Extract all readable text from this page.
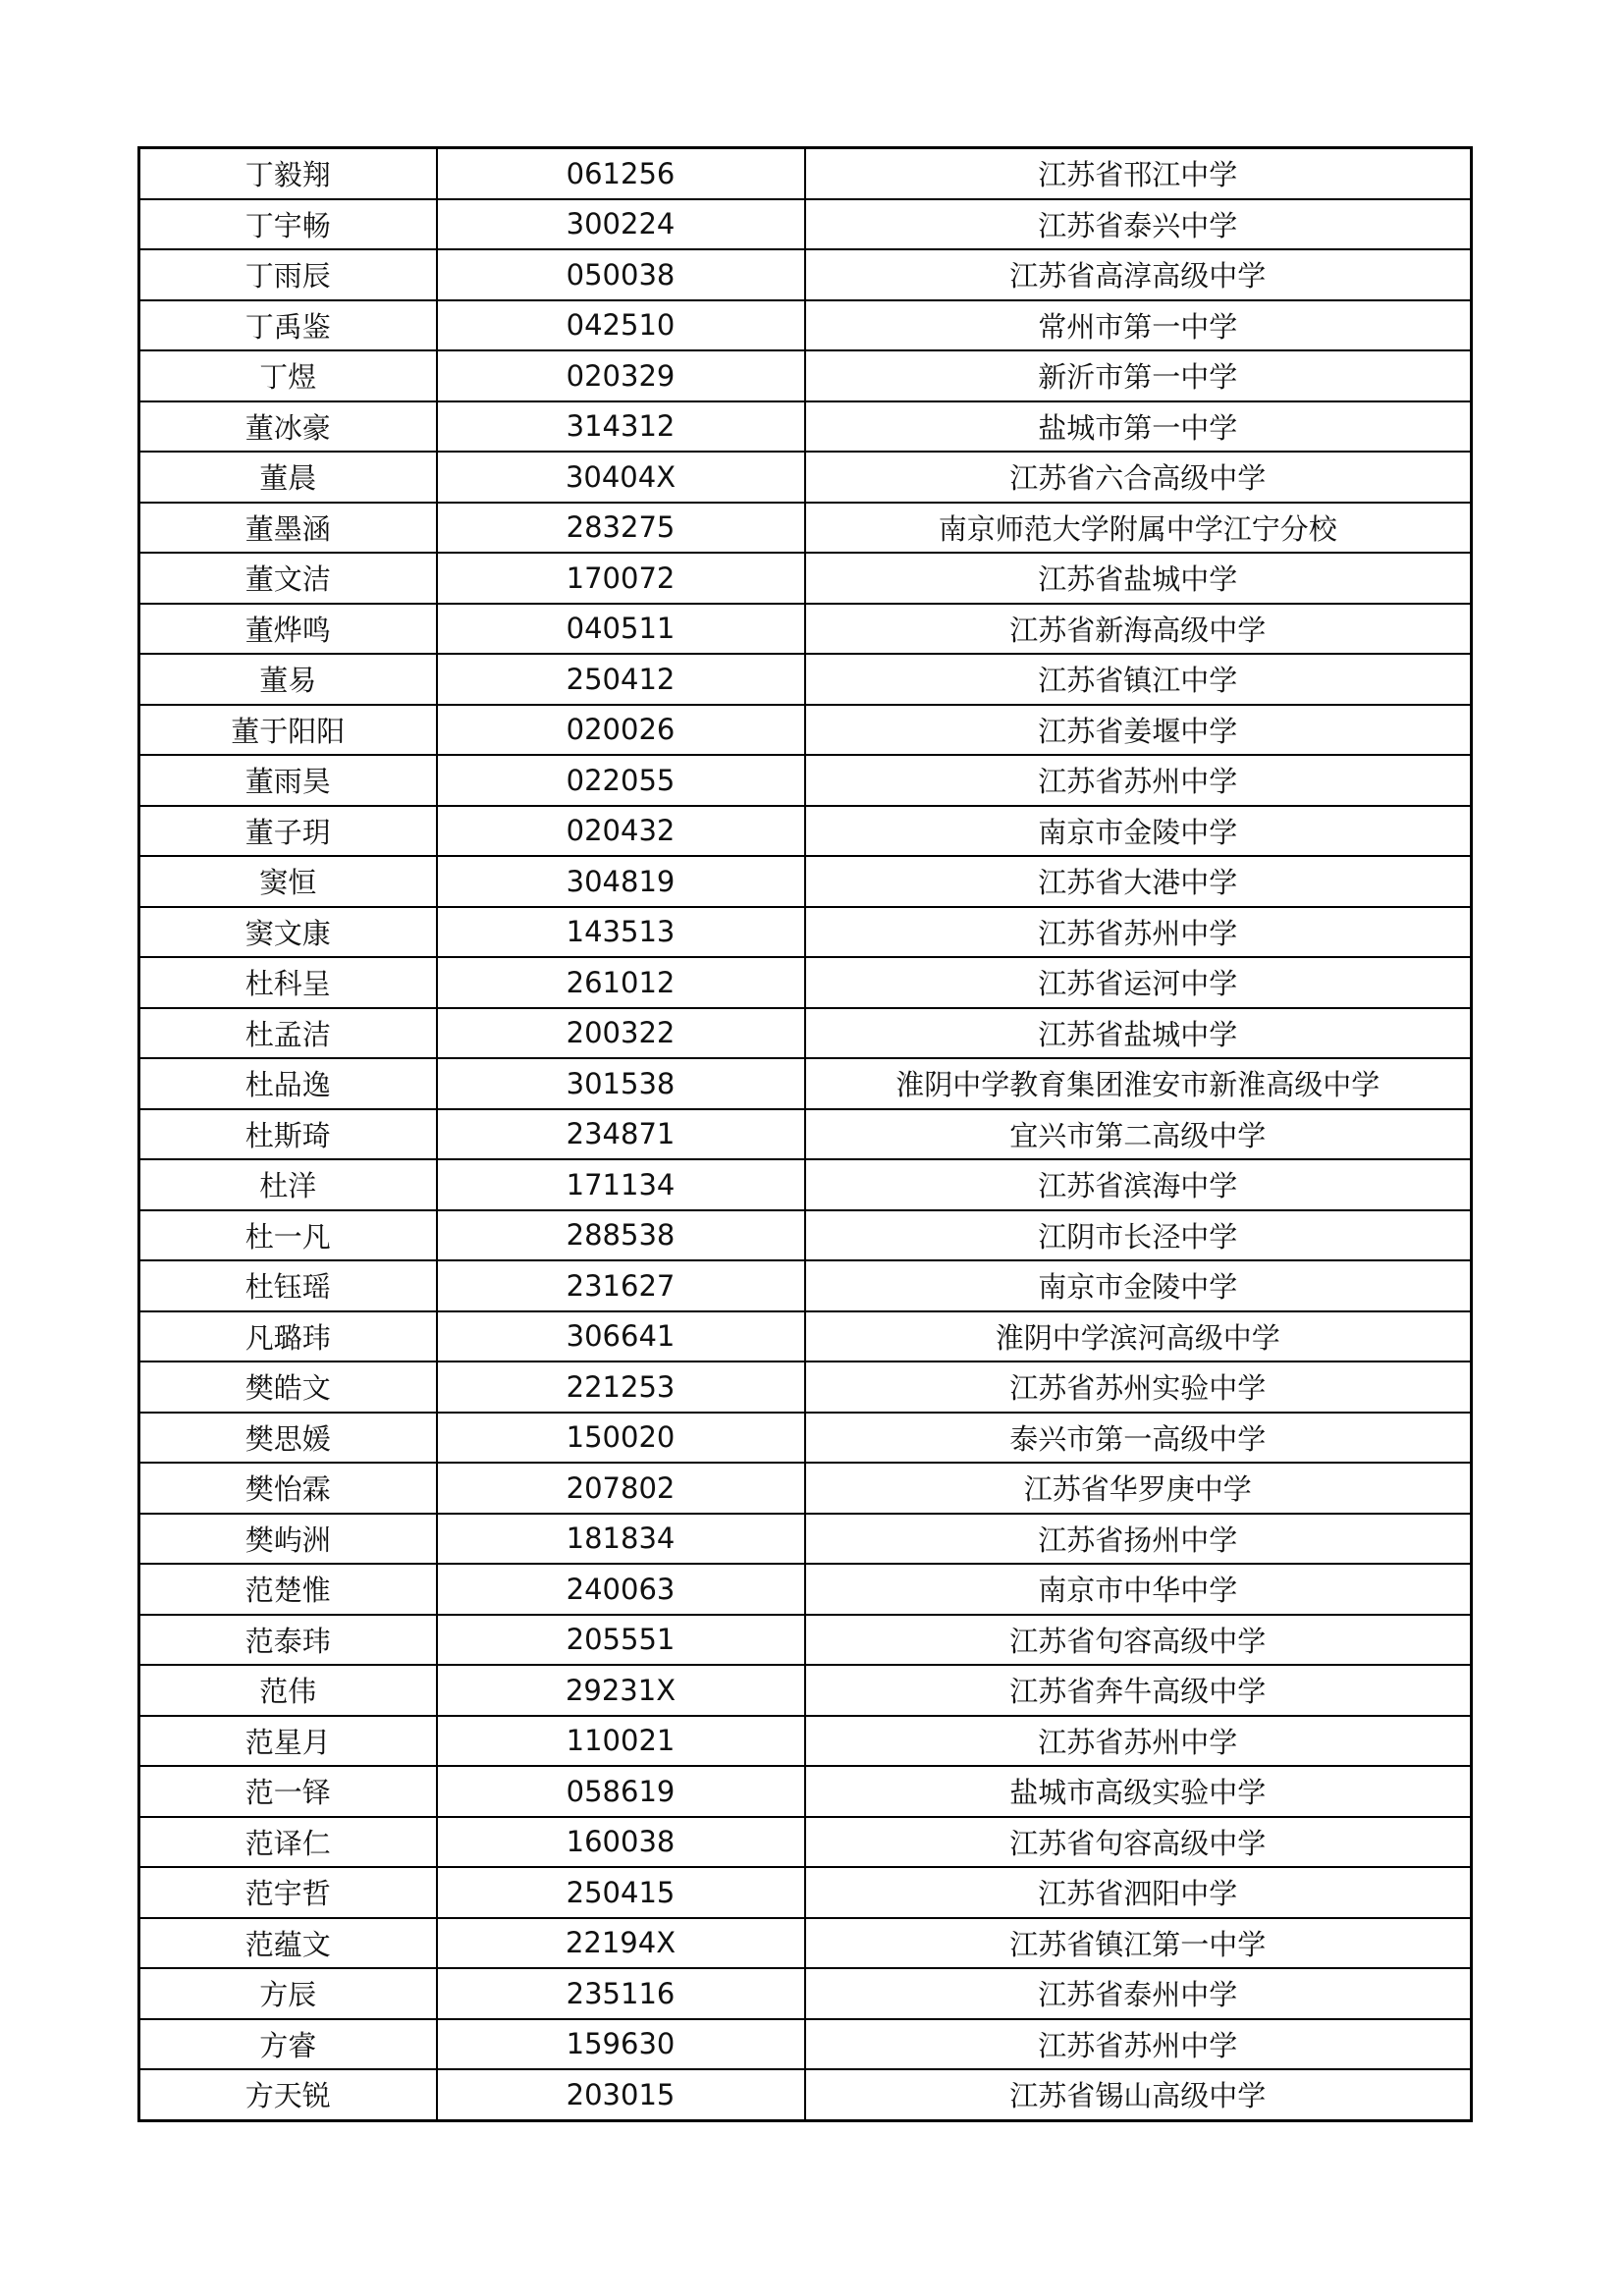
丁毅翔	061256	江苏省邗江中学
丁宇畅	300224	江苏省泰兴中学
丁雨辰	050038	江苏省高淳高级中学
丁禹鉴	042510	常州市第一中学
丁煜	020329	新沂市第一中学
董冰豪	314312	盐城市第一中学
董晨	30404X	江苏省六合高级中学
董墨涵	283275	南京师范大学附属中学江宁分校
董文洁	170072	江苏省盐城中学
董烨鸣	040511	江苏省新海高级中学
董易	250412	江苏省镇江中学
董于阳阳	020026	江苏省姜堰中学
董雨昊	022055	江苏省苏州中学
董子玥	020432	南京市金陵中学
窦恒	304819	江苏省大港中学
窦文康	143513	江苏省苏州中学
杜科呈	261012	江苏省运河中学
杜孟洁	200322	江苏省盐城中学
杜品逸	301538	淮阴中学教育集团淮安市新淮高级中学
杜斯琦	234871	宜兴市第二高级中学
杜洋	171134	江苏省滨海中学
杜一凡	288538	江阴市长泾中学
杜钰瑶	231627	南京市金陵中学
凡璐玮	306641	淮阴中学滨河高级中学
樊皓文	221253	江苏省苏州实验中学
樊思媛	150020	泰兴市第一高级中学
樊怡霖	207802	江苏省华罗庚中学
樊屿洲	181834	江苏省扬州中学
范楚惟	240063	南京市中华中学
范泰玮	205551	江苏省句容高级中学
范伟	29231X	江苏省奔牛高级中学
范星月	110021	江苏省苏州中学
范一铎	058619	盐城市高级实验中学
范译仁	160038	江苏省句容高级中学
范宇哲	250415	江苏省泗阳中学
范蕴文	22194X	江苏省镇江第一中学
方辰	235116	江苏省泰州中学
方睿	159630	江苏省苏州中学
方天锐	203015	江苏省锡山高级中学
